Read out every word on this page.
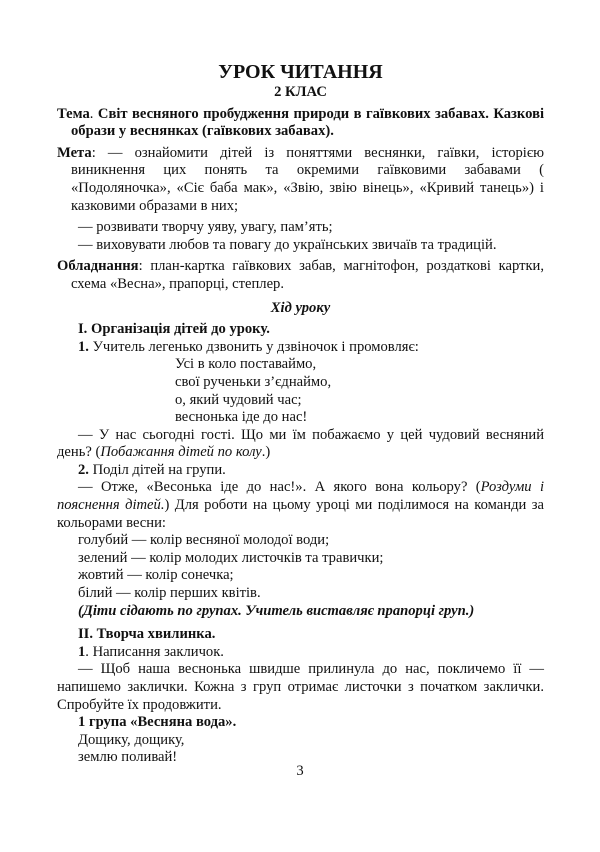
УРОК ЧИТАННЯ

2 КЛАС

Тема. Світ весняного пробудження природи в гаївкових забавах. Казкові образи у веснянках (гаївкових забавах).

Мета: — ознайомити дітей із поняттями веснянки, гаївки, історією виникнення цих понять та окремими гаївковими забавами ( «Подоляночка», «Сіє баба мак», «Звію, звію вінець», «Кривий танець») і казковими образами в них;

— розвивати творчу уяву, увагу, пам’ять;

— виховувати любов та повагу до українських звичаїв та традицій.

Обладнання: план-картка гаївкових забав, магнітофон, роздаткові картки, схема «Весна», прапорці, степлер.

Хід уроку

І. Організація дітей до уроку.

1. Учитель легенько дзвонить у дзвіночок і промовляє:

Усі в коло поставаймо,

свої рученьки з’єднаймо,

о, який чудовий час;

веснонька іде до нас!

— У нас сьогодні гості. Що ми їм побажаємо у цей чудовий весняний день? (Побажання дітей по колу.)

2. Поділ дітей на групи.

— Отже, «Весонька іде до нас!». А якого вона кольору? (Роздуми і пояснення дітей.) Для роботи на цьому уроці ми поділимося на команди за кольорами весни:

голубий — колір весняної молодої води;

зелений — колір молодих листочків та травички;

жовтий — колір сонечка;

білий — колір перших квітів.

(Діти сідають по групах. Учитель виставляє прапорці груп.)

ІІ. Творча хвилинка.

1. Написання закличок.

— Щоб наша веснонька швидше прилинула до нас, покличемо її — напишемо заклички. Кожна з груп отримає листочки з початком заклички. Спробуйте їх продовжити.

1 група «Весняна вода».

Дощику, дощику,

землю поливай!

3
